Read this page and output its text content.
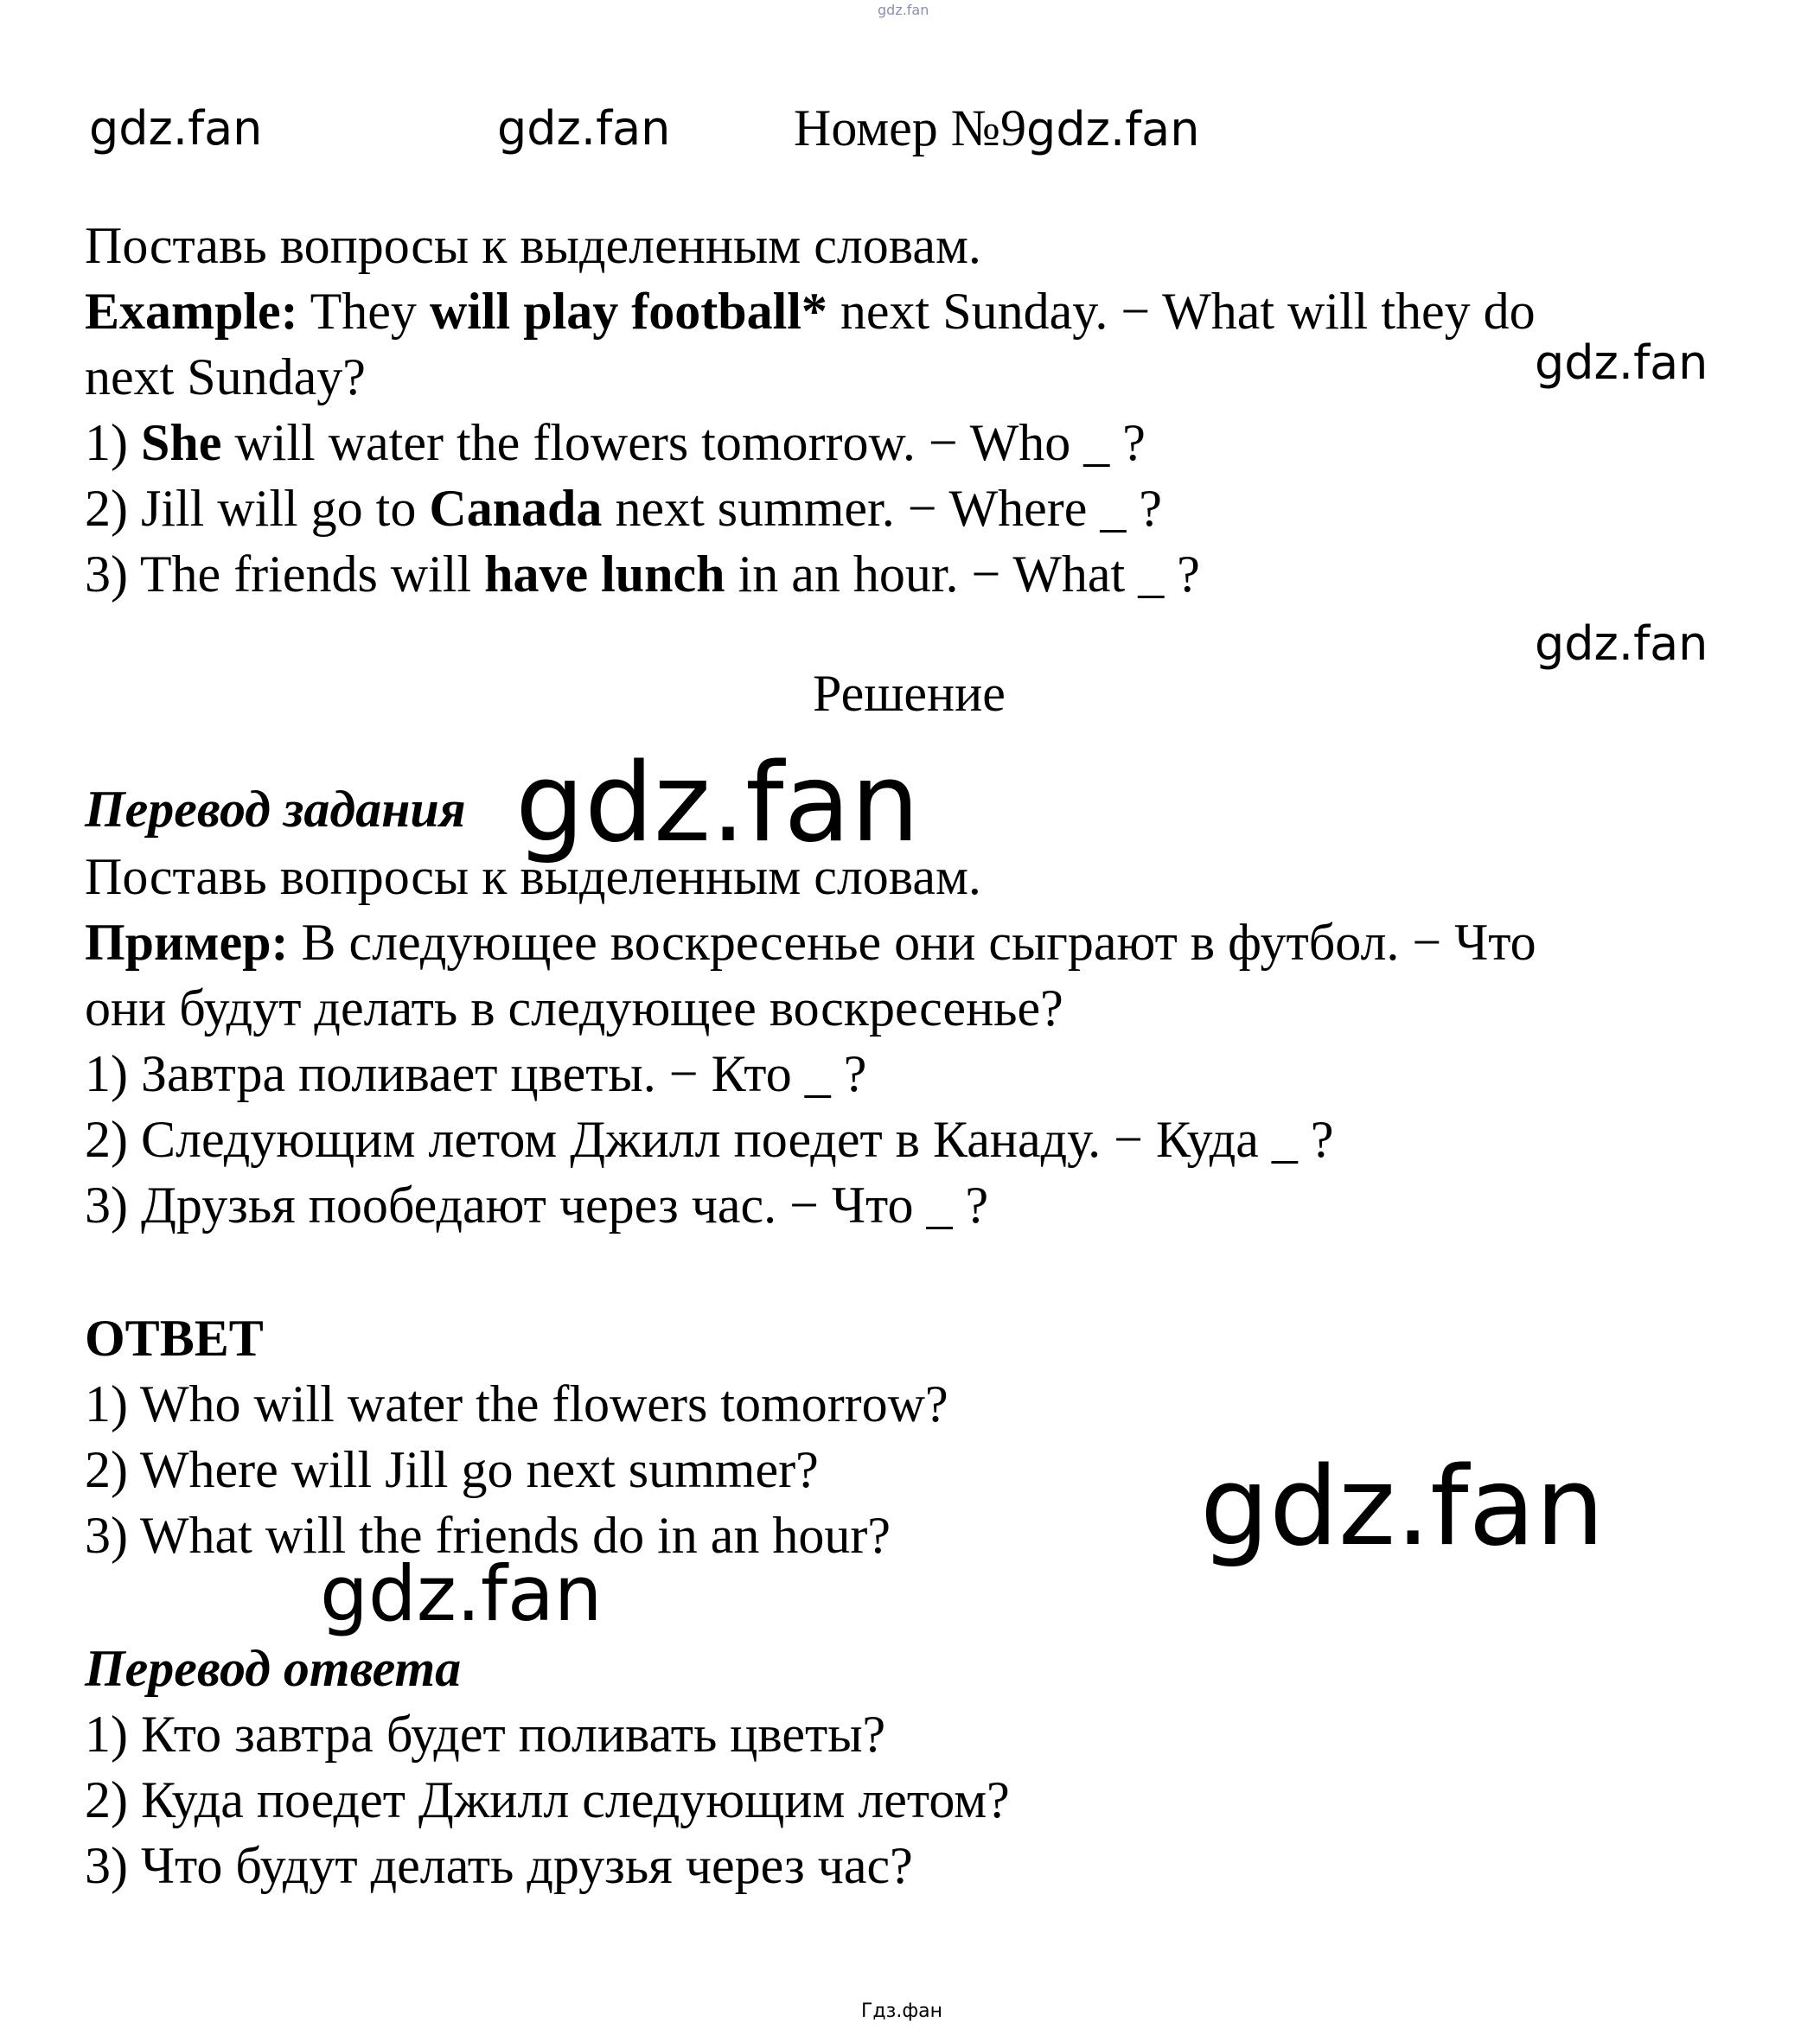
gdz.fan
gdz.fan	gdz.fan Номер №9gdz.fan
Поставь вопросы к выделенным словам.
Example: They will play football* next Sunday. − What will they do
next Sunday?	gdz.fan
1) She will water the flowers tomorrow. − Who _ ?
2) Jill will go to Canada next summer. − Where _ ?
3) The friends will have lunch in an hour. − What _ ?
gdz.fan
Решение
Перевод задания gdz.fan
Поставь вопросы к выделенным словам.
Пример: В следующее воскресенье они сыграют в футбол. − Что
они будут делать в следующее воскресенье?
1) Завтра поливает цветы. − Кто _ ?
2) Следующим летом Джилл поедет в Канаду. − Куда _ ?
3) Друзья пообедают через час. − Что _ ?
ОТВЕТ
1) Who will water the flowers tomorrow?
2) Where will Jill go next summer?
3) What will the friends do in an hour?	gdz.fan
gdz.fan
Перевод ответа
1) Кто завтра будет поливать цветы?
2) Куда поедет Джилл следующим летом?
3) Что будут делать друзья через час?
Гдз.фан
